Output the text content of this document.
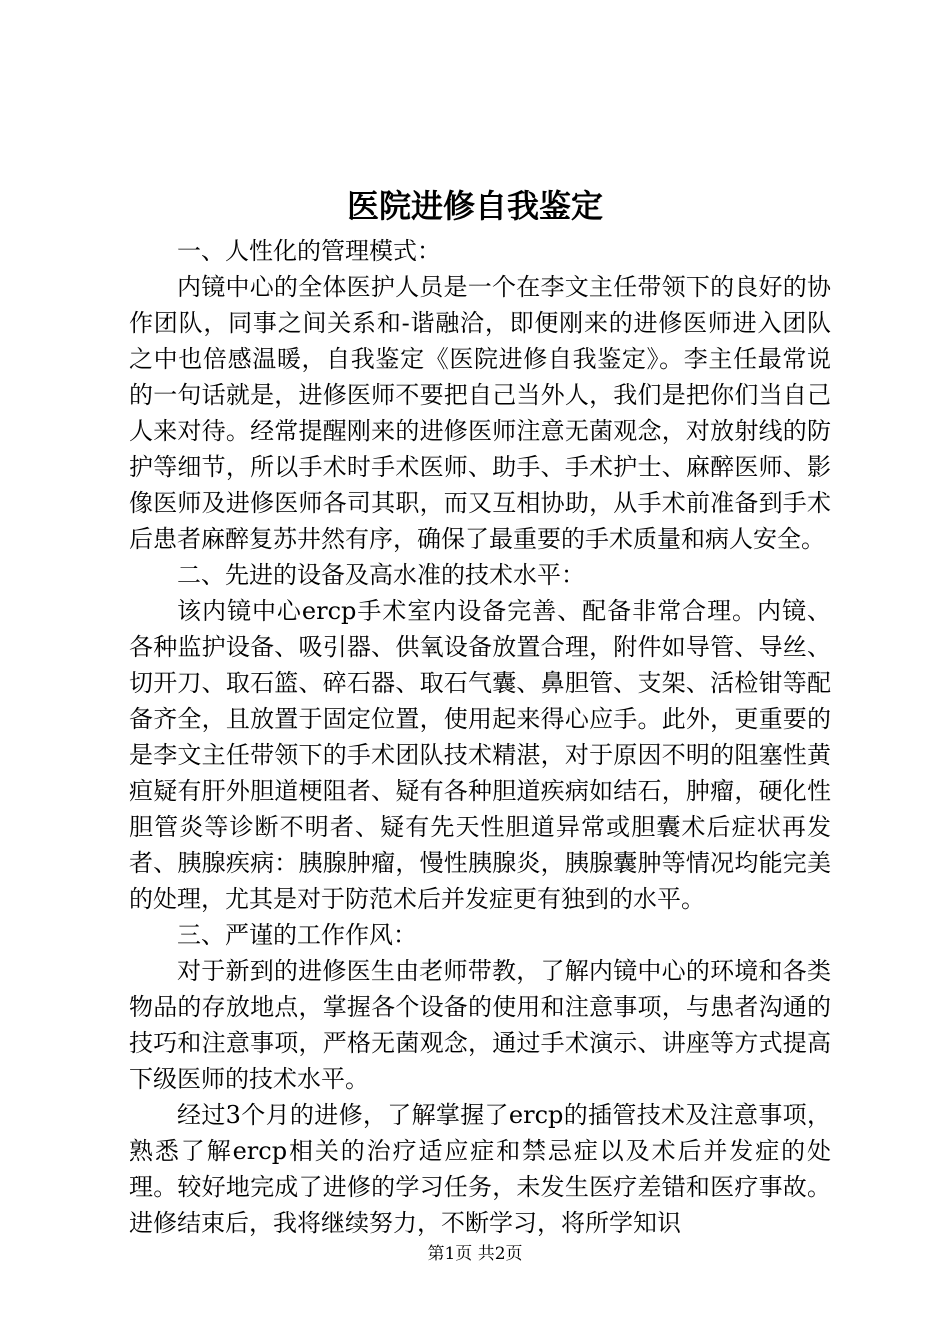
医院进修自我鉴定

一、人性化的管理模式：

内镜中心的全体医护人员是一个在李文主任带领下的良好的协作团队，同事之间关系和-谐融洽，即便刚来的进修医师进入团队之中也倍感温暖，自我鉴定《医院进修自我鉴定》。李主任最常说的一句话就是，进修医师不要把自己当外人，我们是把你们当自己人来对待。经常提醒刚来的进修医师注意无菌观念，对放射线的防护等细节，所以手术时手术医师、助手、手术护士、麻醉医师、影像医师及进修医师各司其职，而又互相协助，从手术前准备到手术后患者麻醉复苏井然有序，确保了最重要的手术质量和病人安全。

二、先进的设备及高水准的技术水平：

该内镜中心ercp手术室内设备完善、配备非常合理。内镜、各种监护设备、吸引器、供氧设备放置合理，附件如导管、导丝、切开刀、取石篮、碎石器、取石气囊、鼻胆管、支架、活检钳等配备齐全，且放置于固定位置，使用起来得心应手。此外，更重要的是李文主任带领下的手术团队技术精湛，对于原因不明的阻塞性黄疸疑有肝外胆道梗阻者、疑有各种胆道疾病如结石，肿瘤，硬化性胆管炎等诊断不明者、疑有先天性胆道异常或胆囊术后症状再发者、胰腺疾病：胰腺肿瘤，慢性胰腺炎，胰腺囊肿等情况均能完美的处理，尤其是对于防范术后并发症更有独到的水平。

三、严谨的工作作风：

对于新到的进修医生由老师带教，了解内镜中心的环境和各类物品的存放地点，掌握各个设备的使用和注意事项，与患者沟通的技巧和注意事项，严格无菌观念，通过手术演示、讲座等方式提高下级医师的技术水平。

经过3个月的进修，了解掌握了ercp的插管技术及注意事项，熟悉了解ercp相关的治疗适应症和禁忌症以及术后并发症的处理。较好地完成了进修的学习任务，未发生医疗差错和医疗事故。进修结束后，我将继续努力，不断学习，将所学知识

第1页 共2页
